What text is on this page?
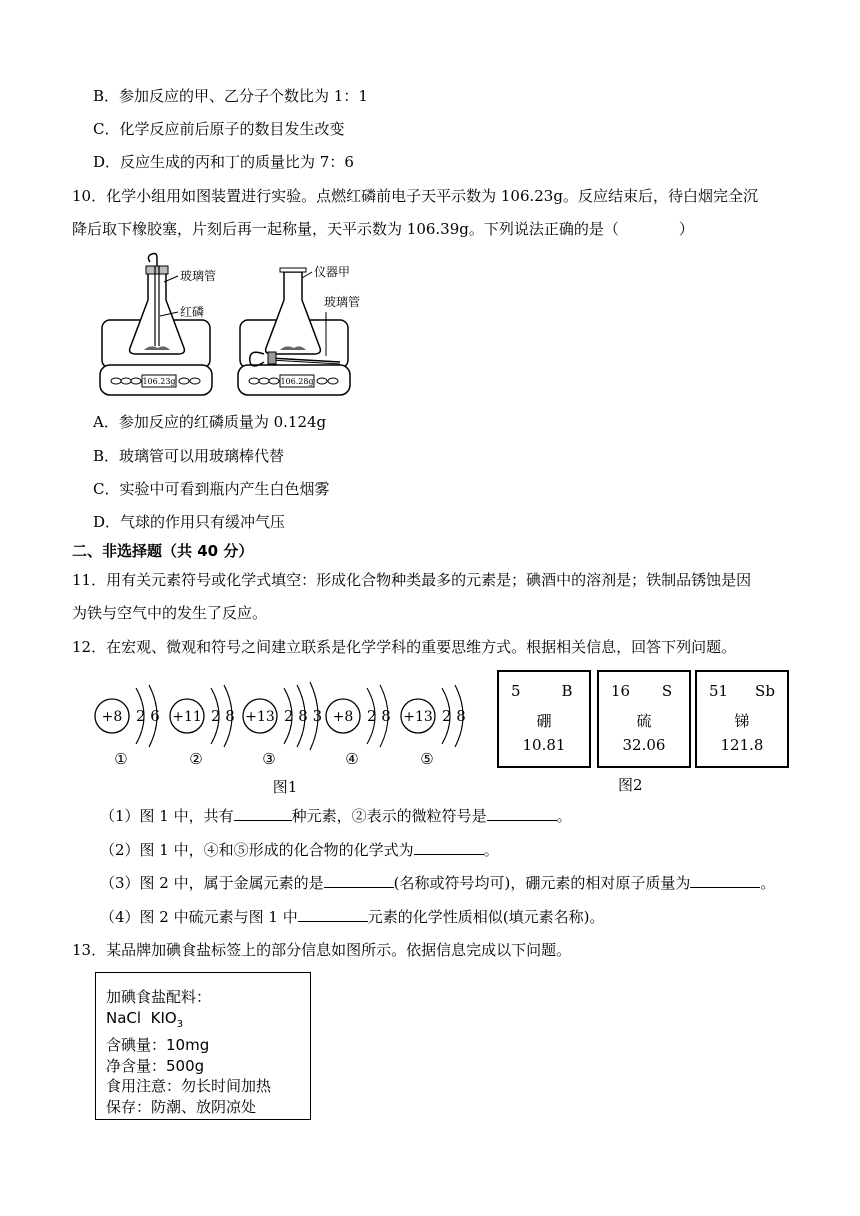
B．参加反应的甲、乙分子个数比为 1：1
C．化学反应前后原子的数目发生改变
D．反应生成的丙和丁的质量比为 7：6
10．化学小组用如图装置进行实验。点燃红磷前电子天平示数为 106.23g。反应结束后，待白烟完全沉
降后取下橡胶塞，片刻后再一起称量，天平示数为 106.39g。下列说法正确的是（　　　　）
106.23g
玻璃管
红磷
106.28g
仪器甲
玻璃管
A．参加反应的红磷质量为 0.124g
B．玻璃管可以用玻璃棒代替
C．实验中可看到瓶内产生白色烟雾
D．气球的作用只有缓冲气压
二、非选择题（共 40 分）
11．用有关元素符号或化学式填空：形成化合物种类最多的元素是；碘酒中的溶剂是；铁制品锈蚀是因
为铁与空气中的发生了反应。
12．在宏观、微观和符号之间建立联系是化学学科的重要思维方式。根据相关信息，回答下列问题。
+8 2 6
①
+11 2 8
②
+13 2 8 3
③
+8 2 8
④
+13 2 8
⑤
图1
5	B
硼
10.81
16	S
硫
32.06
51	Sb
锑
121.8
图2
（1）图 1 中，共有	种元素，②表示的微粒符号是	。
（2）图 1 中，④和⑤形成的化合物的化学式为	。
（3）图 2 中，属于金属元素的是	(名称或符号均可)，硼元素的相对原子质量为	。
（4）图 2 中硫元素与图 1 中	元素的化学性质相似(填元素名称)。
13．某品牌加碘食盐标签上的部分信息如图所示。依据信息完成以下问题。
加碘食盐配料：
NaCl $KIO_3$
含碘量：10mg
净含量：500g
食用注意：勿长时间加热
保存：防潮、放阴凉处
